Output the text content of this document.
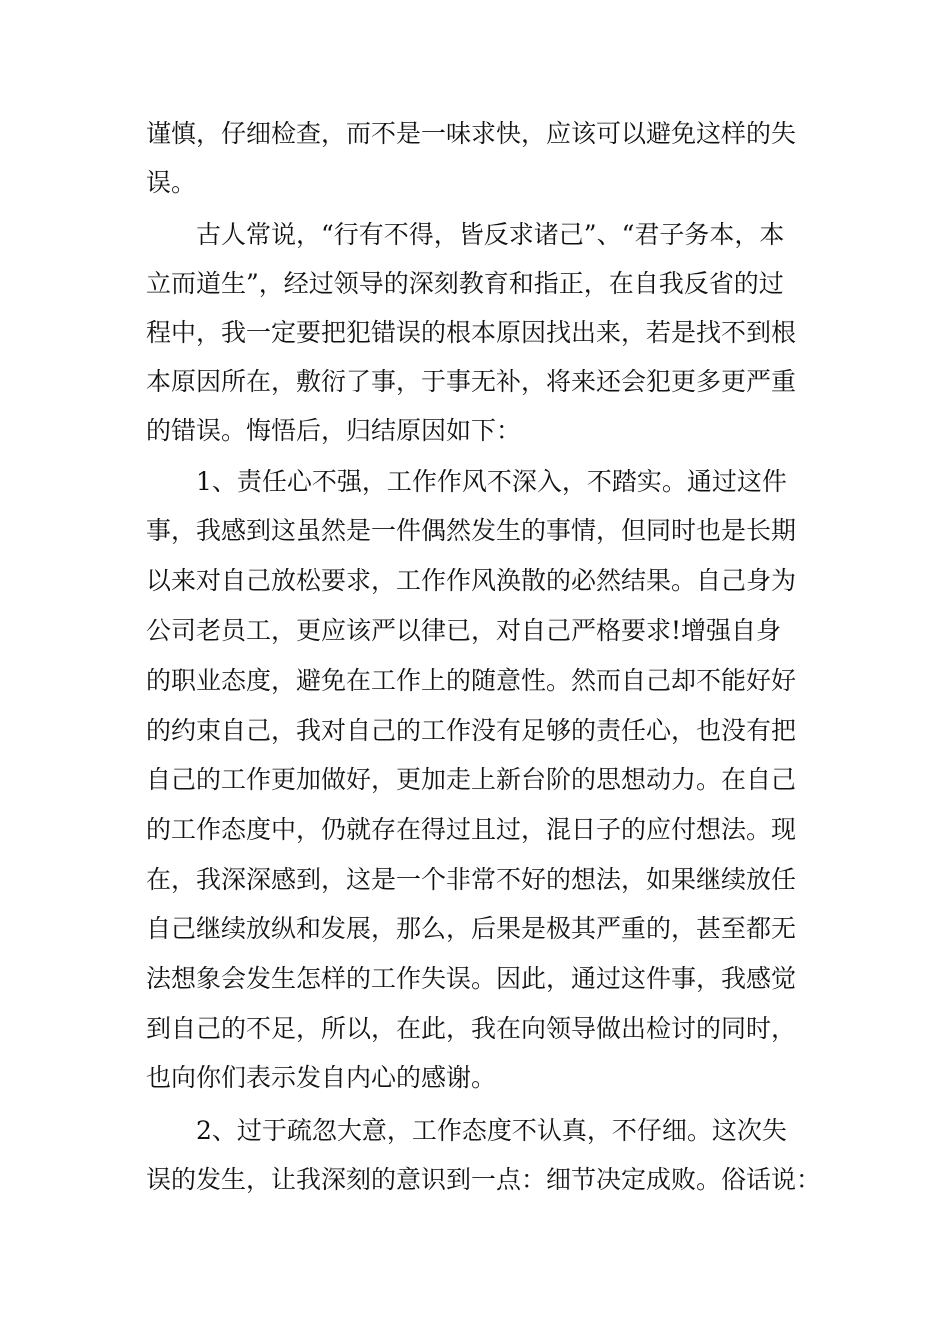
谨慎，仔细检查，而不是一味求快，应该可以避免这样的失
误。
古人常说，“行有不得，皆反求诸己”、“君子务本，本
立而道生”，经过领导的深刻教育和指正，在自我反省的过
程中，我一定要把犯错误的根本原因找出来，若是找不到根
本原因所在，敷衍了事，于事无补，将来还会犯更多更严重
的错误。悔悟后，归结原因如下：
1、责任心不强，工作作风不深入，不踏实。通过这件
事，我感到这虽然是一件偶然发生的事情，但同时也是长期
以来对自己放松要求，工作作风涣散的必然结果。自己身为
公司老员工，更应该严以律已，对自己严格要求!增强自身
的职业态度，避免在工作上的随意性。然而自己却不能好好
的约束自己，我对自己的工作没有足够的责任心，也没有把
自己的工作更加做好，更加走上新台阶的思想动力。在自己
的工作态度中，仍就存在得过且过，混日子的应付想法。现
在，我深深感到，这是一个非常不好的想法，如果继续放任
自己继续放纵和发展，那么，后果是极其严重的，甚至都无
法想象会发生怎样的工作失误。因此，通过这件事，我感觉
到自己的不足，所以，在此，我在向领导做出检讨的同时，
也向你们表示发自内心的感谢。
2、过于疏忽大意，工作态度不认真，不仔细。这次失
误的发生，让我深刻的意识到一点：细节决定成败。俗话说：
